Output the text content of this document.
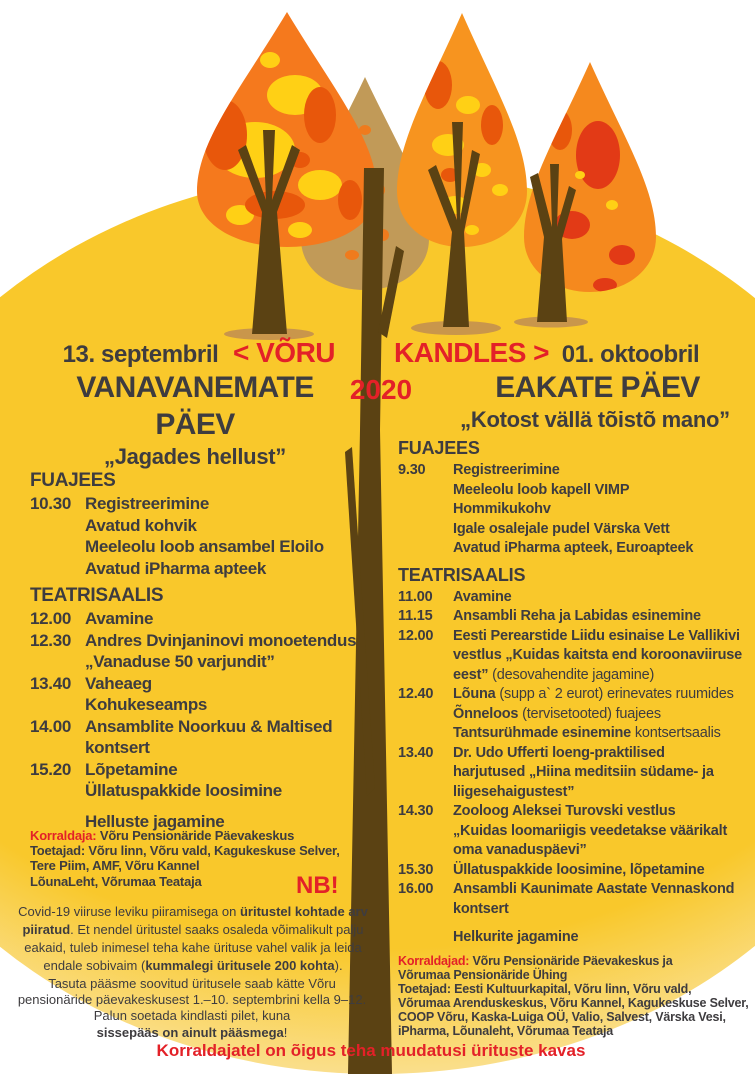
13. septembril < VÕRU KANDLES > 01. oktoobril
VANAVANEMATE	2020	EAKATE PÄEV
PÄEV
„Jagades hellust”
„Kotost vällä tõistõ mano”
FUAJEES
10.30 Registreerimine
Avatud kohvik
Meeleolu loob ansambel Eloilo
Avatud iPharma apteek
TEATRISAALIS
12.00 Avamine
12.30 Andres Dvinjaninovi monoetendus
„Vanaduse 50 varjundit”
13.40 Vaheaeg
Kohukeseamps
14.00 Ansamblite Noorkuu & Maltised
kontsert
15.20 Lõpetamine
Üllatuspakkide loosimine
Helluste jagamine
FUAJEES
9.30	Registreerimine
Meeleolu loob kapell VIMP
Hommikukohv
Igale osalejale pudel Värska Vett
Avatud iPharma apteek, Euroapteek
TEATRISAALIS
11.00	Avamine
11.15	Ansambli Reha ja Labidas esinemine
12.00	Eesti Perearstide Liidu esinaise Le Vallikivi
vestlus „Kuidas kaitsta end koroonaviiruse
eest” (desovahendite jagamine)
12.40	Lõuna (supp a` 2 eurot) erinevates ruumides
Õnneloos (tervisetooted) fuajees
Tantsurühmade esinemine kontsertsaalis
13.40	Dr. Udo Ufferti loeng-praktilised
harjutused „Hiina meditsiin südame- ja
liigesehaigustest”
14.30	Zooloog Aleksei Turovski vestlus
„Kuidas loomariigis veedetakse väärikalt
oma vanaduspäevi”
15.30	Üllatuspakkide loosimine, lõpetamine
16.00	Ansambli Kaunimate Aastate Vennaskond
kontsert
Helkurite jagamine
Korraldaja: Võru Pensionäride Päevakeskus
Toetajad: Võru linn, Võru vald, Kagukeskuse Selver,
Tere Piim, AMF, Võru Kannel
LõunaLeht, Võrumaa Teataja
Korraldajad: Võru Pensionäride Päevakeskus ja
Võrumaa Pensionäride Ühing
Toetajad: Eesti Kultuurkapital, Võru linn, Võru vald,
Võrumaa Arenduskeskus, Võru Kannel, Kagukeskuse Selver,
COOP Võru, Kaska-Luiga OÜ, Valio, Salvest, Värska Vesi,
iPharma, Lõunaleht, Võrumaa Teataja
NB!
Covid-19 viiruse leviku piiramisega on üritustel kohtade arv
piiratud. Et nendel üritustel saaks osaleda võimalikult palju
eakaid, tuleb inimesel teha kahe ürituse vahel valik ja leida
endale sobivaim (kummalegi üritusele 200 kohta).
Tasuta pääsme soovitud üritusele saab kätte Võru
pensionäride päevakeskusest 1.–10. septembrini kella 9–12.
Palun soetada kindlasti pilet, kuna
sissepääs on ainult pääsmega!
Korraldajatel on õigus teha muudatusi ürituste kavas
